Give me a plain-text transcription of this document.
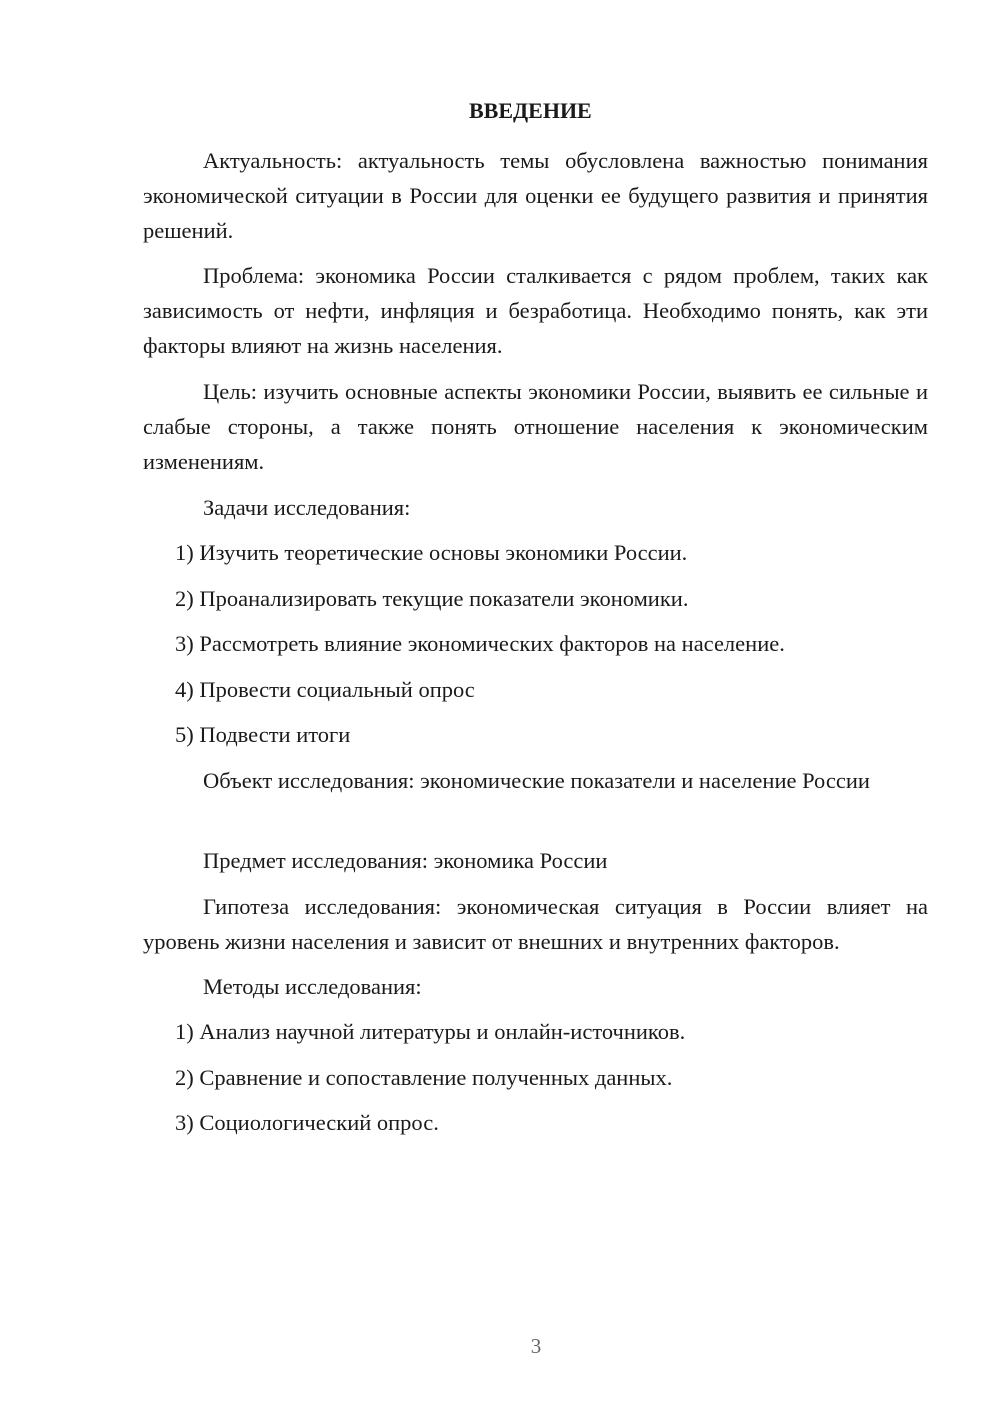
ВВЕДЕНИЕ

Актуальность: актуальность темы обусловлена важностью понимания экономической ситуации в России для оценки ее будущего развития и принятия решений.

Проблема: экономика России сталкивается с рядом проблем, таких как зависимость от нефти, инфляция и безработица. Необходимо понять, как эти факторы влияют на жизнь населения.

Цель: изучить основные аспекты экономики России, выявить ее сильные и слабые стороны, а также понять отношение населения к экономическим изменениям.

Задачи исследования:

1) Изучить теоретические основы экономики России.

2) Проанализировать текущие показатели экономики.

3) Рассмотреть влияние экономических факторов на население.

4) Провести социальный опрос

5) Подвести итоги

Объект исследования: экономические показатели и население России

Предмет исследования: экономика России

Гипотеза исследования: экономическая ситуация в России влияет на уровень жизни населения и зависит от внешних и внутренних факторов.

Методы исследования:

1) Анализ научной литературы и онлайн-источников.

2) Сравнение и сопоставление полученных данных.

3) Социологический опрос.

3
